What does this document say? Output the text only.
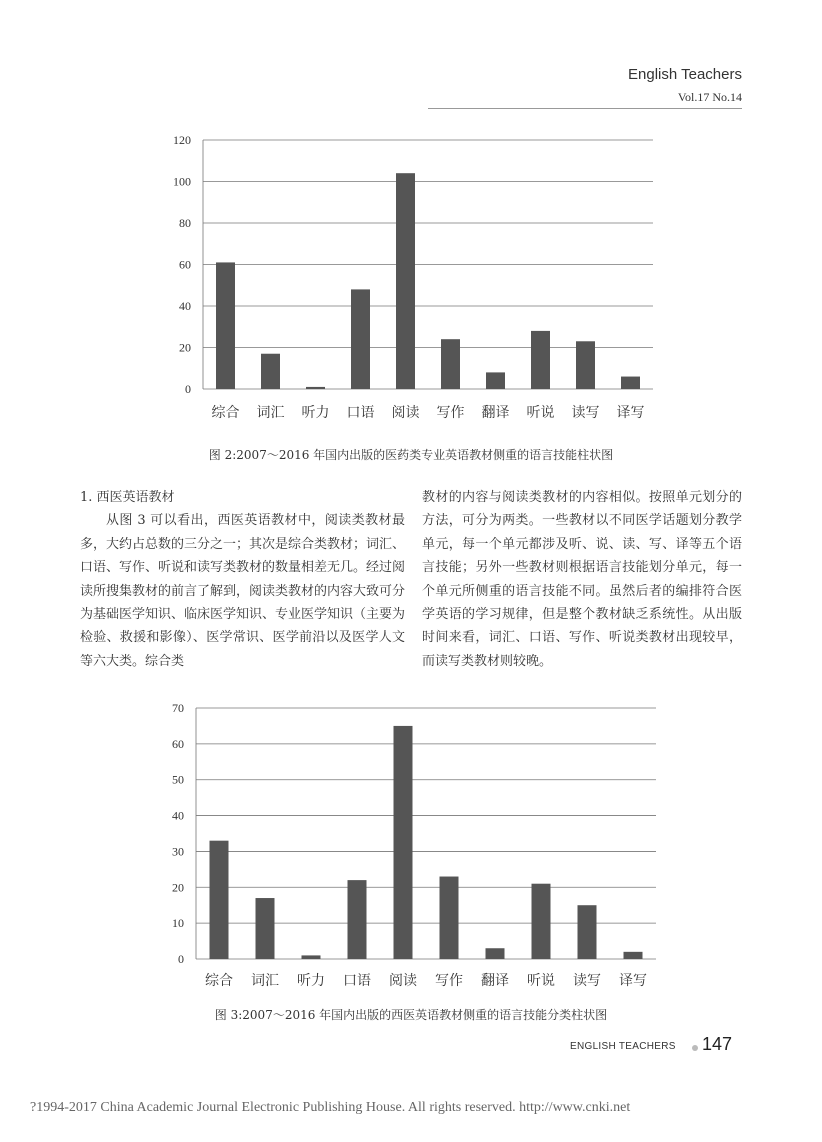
English Teachers
Vol.17 No.14
0
20
40
60
80
100
120
综合 词汇 听力 口语 阅读 写作 翻译 听说 读写 译写
图 2:2007～2016 年国内出版的医药类专业英语教材侧重的语言技能柱状图

1. 西医英语教材

从图 3 可以看出，西医英语教材中，阅读类教材最多，大约占总数的三分之一；其次是综合类教材；词汇、口语、写作、听说和读写类教材的数量相差无几。经过阅读所搜集教材的前言了解到，阅读类教材的内容大致可分为基础医学知识、临床医学知识、专业医学知识（主要为检验、救援和影像）、医学常识、医学前沿以及医学人文等六大类。综合类

教材的内容与阅读类教材的内容相似。按照单元划分的方法，可分为两类。一些教材以不同医学话题划分教学单元，每一个单元都涉及听、说、读、写、译等五个语言技能；另外一些教材则根据语言技能划分单元，每一个单元所侧重的语言技能不同。虽然后者的编排符合医学英语的学习规律，但是整个教材缺乏系统性。从出版时间来看，词汇、口语、写作、听说类教材出现较早，而读写类教材则较晚。

0
10
20
30
40
50
60
70
综合 词汇 听力 口语 阅读 写作 翻译 听说 读写 译写
图 3:2007～2016 年国内出版的西医英语教材侧重的语言技能分类柱状图
ENGLISH TEACHERS 147
?1994-2017 China Academic Journal Electronic Publishing House. All rights reserved. http://www.cnki.net
